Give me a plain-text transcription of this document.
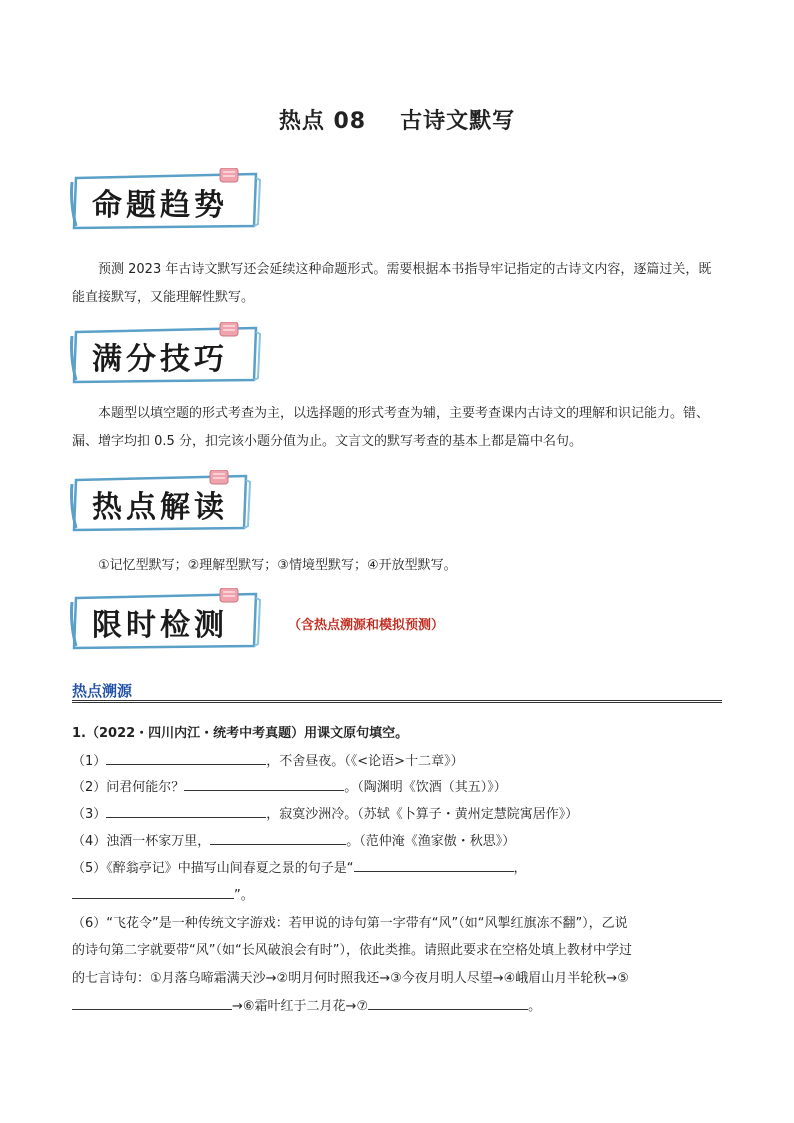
热点 08 古诗文默写
命题趋势

预测 2023 年古诗文默写还会延续这种命题形式。需要根据本书指导牢记指定的古诗文内容，逐篇过关，既能直接默写，又能理解性默写。

满分技巧

本题型以填空题的形式考查为主，以选择题的形式考查为辅，主要考查课内古诗文的理解和识记能力。错、漏、增字均扣 0.5 分，扣完该小题分值为止。文言文的默写考查的基本上都是篇中名句。

热点解读
①记忆型默写；②理解型默写；③情境型默写；④开放型默写。
限时检测	（含热点溯源和模拟预测）
热点溯源
1.（2022・四川内江・统考中考真题）用课文原句填空。
（1）	，不舍昼夜。（《<论语>十二章》）
（2）问君何能尔？	。（陶渊明《饮酒（其五）》）
（3）	，寂寞沙洲冷。（苏轼《卜算子・黄州定慧院寓居作》）
（4）浊酒一杯家万里，	。（范仲淹《渔家傲・秋思》）
（5）《醉翁亭记》中描写山间春夏之景的句子是“	，
”。
（6）“飞花令”是一种传统文字游戏：若甲说的诗句第一字带有“风”（如“风掣红旗冻不翻”），乙说
的诗句第二字就要带“风”（如“长风破浪会有时”），依此类推。请照此要求在空格处填上教材中学过
的七言诗句：①月落乌啼霜满天沙→②明月何时照我还→③今夜月明人尽望→④峨眉山月半轮秋→⑤
→⑥霜叶红于二月花→⑦	。
